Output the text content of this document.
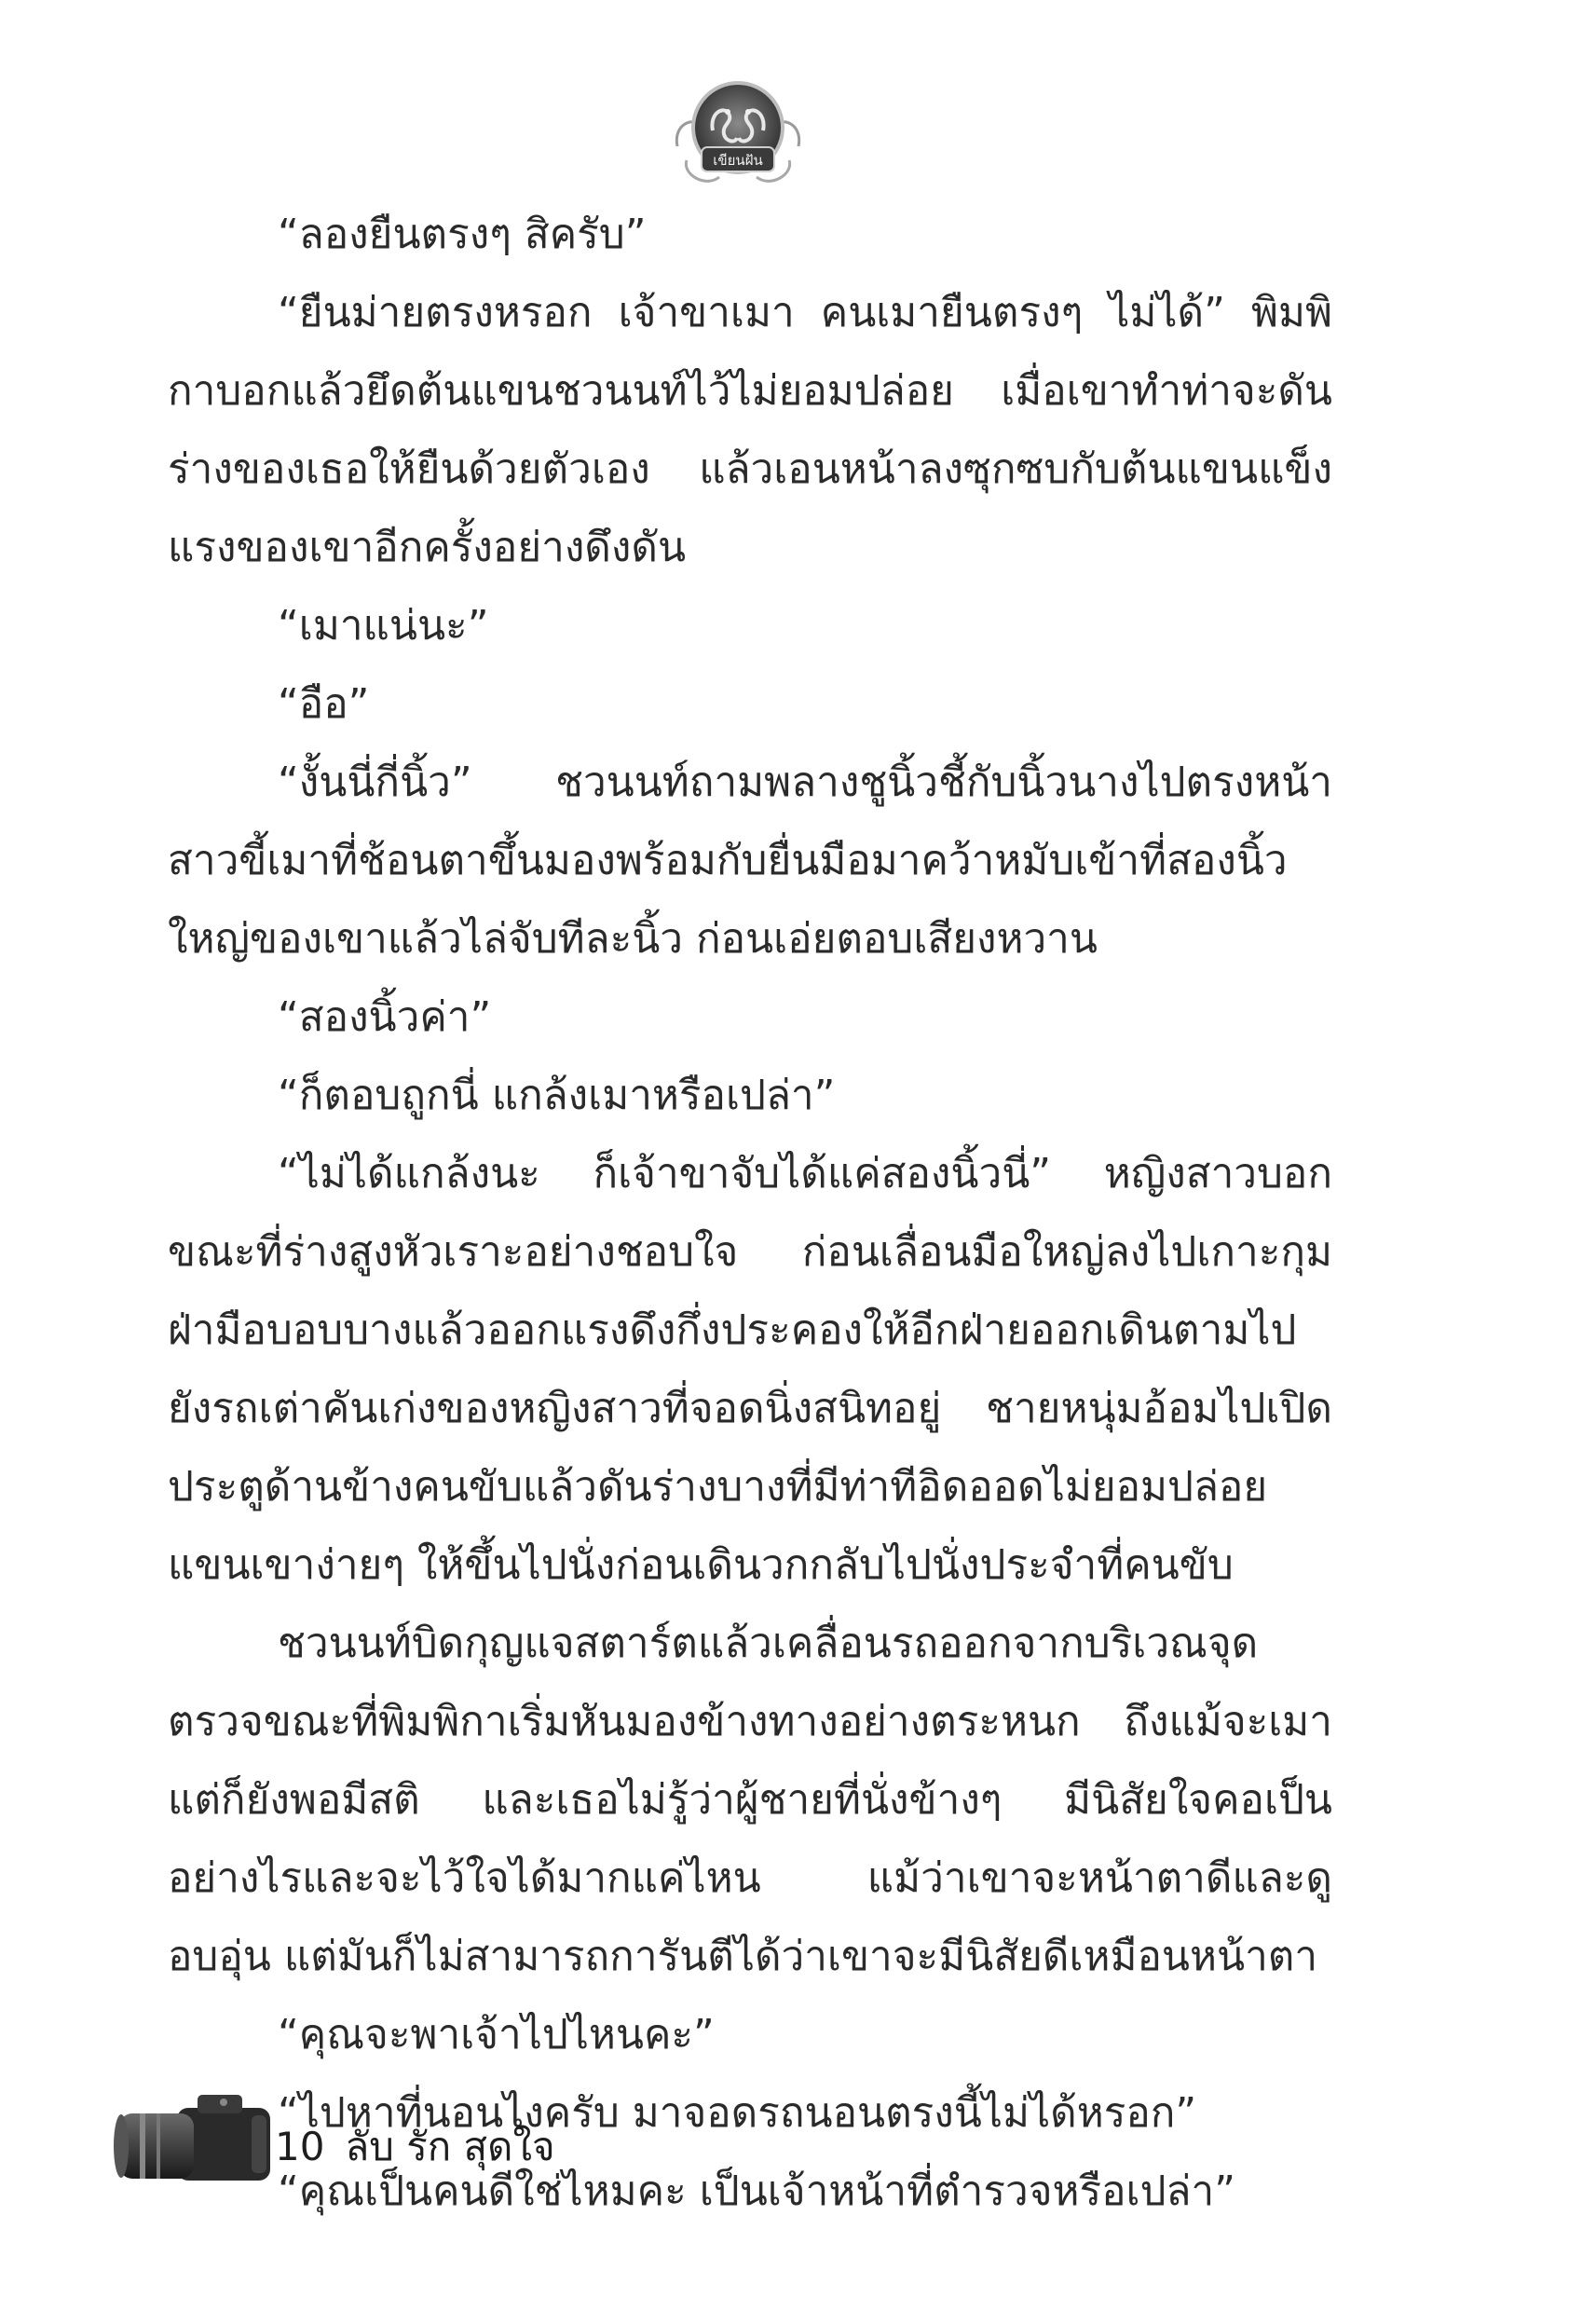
เขียนฝัน

“ลองยืนตรงๆ สิครับ”

“ยืนม่ายตรงหรอก เจ้าขาเมา คนเมายืนตรงๆ ไม่ได้” พิมพิกาบอกแล้วยึดต้นแขนชวนนท์ไว้ไม่ยอมปล่อย เมื่อเขาทำท่าจะดันร่างของเธอให้ยืนด้วยตัวเอง แล้วเอนหน้าลงซุกซบกับต้นแขนแข็งแรงของเขาอีกครั้งอย่างดึงดัน

“เมาแน่นะ”

“อือ”

“งั้นนี่กี่นิ้ว” ชวนนท์ถามพลางชูนิ้วชี้กับนิ้วนางไปตรงหน้าสาวขี้เมาที่ช้อนตาขึ้นมองพร้อมกับยื่นมือมาคว้าหมับเข้าที่สองนิ้วใหญ่ของเขาแล้วไล่จับทีละนิ้ว ก่อนเอ่ยตอบเสียงหวาน

“สองนิ้วค่า”

“ก็ตอบถูกนี่ แกล้งเมาหรือเปล่า”

“ไม่ได้แกล้งนะ ก็เจ้าขาจับได้แค่สองนิ้วนี่” หญิงสาวบอกขณะที่ร่างสูงหัวเราะอย่างชอบใจ ก่อนเลื่อนมือใหญ่ลงไปเกาะกุมฝ่ามือบอบบางแล้วออกแรงดึงกึ่งประคองให้อีกฝ่ายออกเดินตามไปยังรถเต่าคันเก่งของหญิงสาวที่จอดนิ่งสนิทอยู่ ชายหนุ่มอ้อมไปเปิดประตูด้านข้างคนขับแล้วดันร่างบางที่มีท่าทีอิดออดไม่ยอมปล่อยแขนเขาง่ายๆ ให้ขึ้นไปนั่งก่อนเดินวกกลับไปนั่งประจำที่คนขับ

ชวนนท์บิดกุญแจสตาร์ตแล้วเคลื่อนรถออกจากบริเวณจุดตรวจขณะที่พิมพิกาเริ่มหันมองข้างทางอย่างตระหนก ถึงแม้จะเมา แต่ก็ยังพอมีสติ และเธอไม่รู้ว่าผู้ชายที่นั่งข้างๆ มีนิสัยใจคอเป็นอย่างไรและจะไว้ใจได้มากแค่ไหน แม้ว่าเขาจะหน้าตาดีและดูอบอุ่น แต่มันก็ไม่สามารถการันตีได้ว่าเขาจะมีนิสัยดีเหมือนหน้าตา

“คุณจะพาเจ้าไปไหนคะ”

“ไปหาที่นอนไงครับ มาจอดรถนอนตรงนี้ไม่ได้หรอก”

“คุณเป็นคนดีใช่ไหมคะ เป็นเจ้าหน้าที่ตำรวจหรือเปล่า”

10 ลับ รัก สุดใจ
